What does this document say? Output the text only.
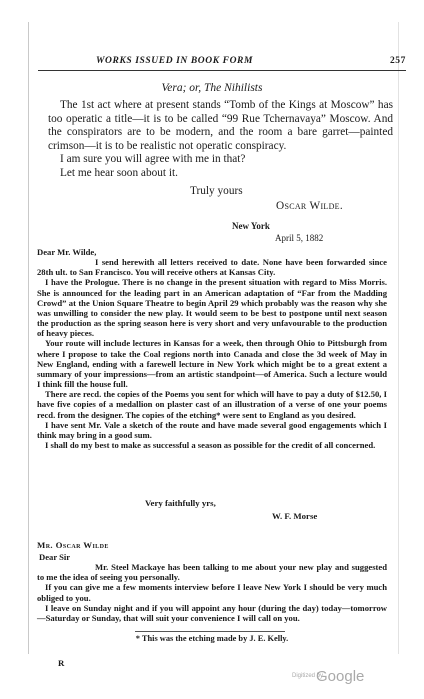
WORKS ISSUED IN BOOK FORM	257
Vera; or, The Nihilists

The 1st act where at present stands “Tomb of the Kings at Moscow” has too operatic a title—it is to be called “99 Rue Tchernavaya” Moscow. And the conspirators are to be modern, and the room a bare garret—painted crimson—it is to be realistic not operatic conspiracy.

I am sure you will agree with me in that?

Let me hear soon about it.

Truly yours
Oscar Wilde.
New York
April 5, 1882

Dear Mr. Wilde,

I send herewith all letters received to date. None have been forwarded since 28th ult. to San Francisco. You will receive others at Kansas City.

I have the Prologue. There is no change in the present situation with regard to Miss Morris. She is announced for the leading part in an American adaptation of “Far from the Madding Crowd” at the Union Square Theatre to begin April 29 which probably was the reason why she was unwilling to consider the new play. It would seem to be best to postpone until next season the production as the spring season here is very short and very unfavourable to the production of heavy pieces.

Your route will include lectures in Kansas for a week, then through Ohio to Pittsburgh from where I propose to take the Coal regions north into Canada and close the 3d week of May in New England, ending with a farewell lecture in New York which might be to a great extent a summary of your impressions—from an artistic standpoint—of America. Such a lecture would I think fill the house full.

There are recd. the copies of the Poems you sent for which will have to pay a duty of $12.50, I have five copies of a medallion on plaster cast of an illustration of a verse of one your poems recd. from the designer. The copies of the etching* were sent to England as you desired.

I have sent Mr. Vale a sketch of the route and have made several good engagements which I think may bring in a good sum.

I shall do my best to make as successful a season as possible for the credit of all concerned.

Very faithfully yrs,
W. F. Morse
Mr. Oscar Wilde

Dear Sir

Mr. Steel Mackaye has been talking to me about your new play and suggested to me the idea of seeing you personally.

If you can give me a few moments interview before I leave New York I should be very much obliged to you.

I leave on Sunday night and if you will appoint any hour (during the day) today—tomorrow—Saturday or Sunday, that will suit your convenience I will call on you.

* This was the etching made by J. E. Kelly.
R
Digitized by
Google
